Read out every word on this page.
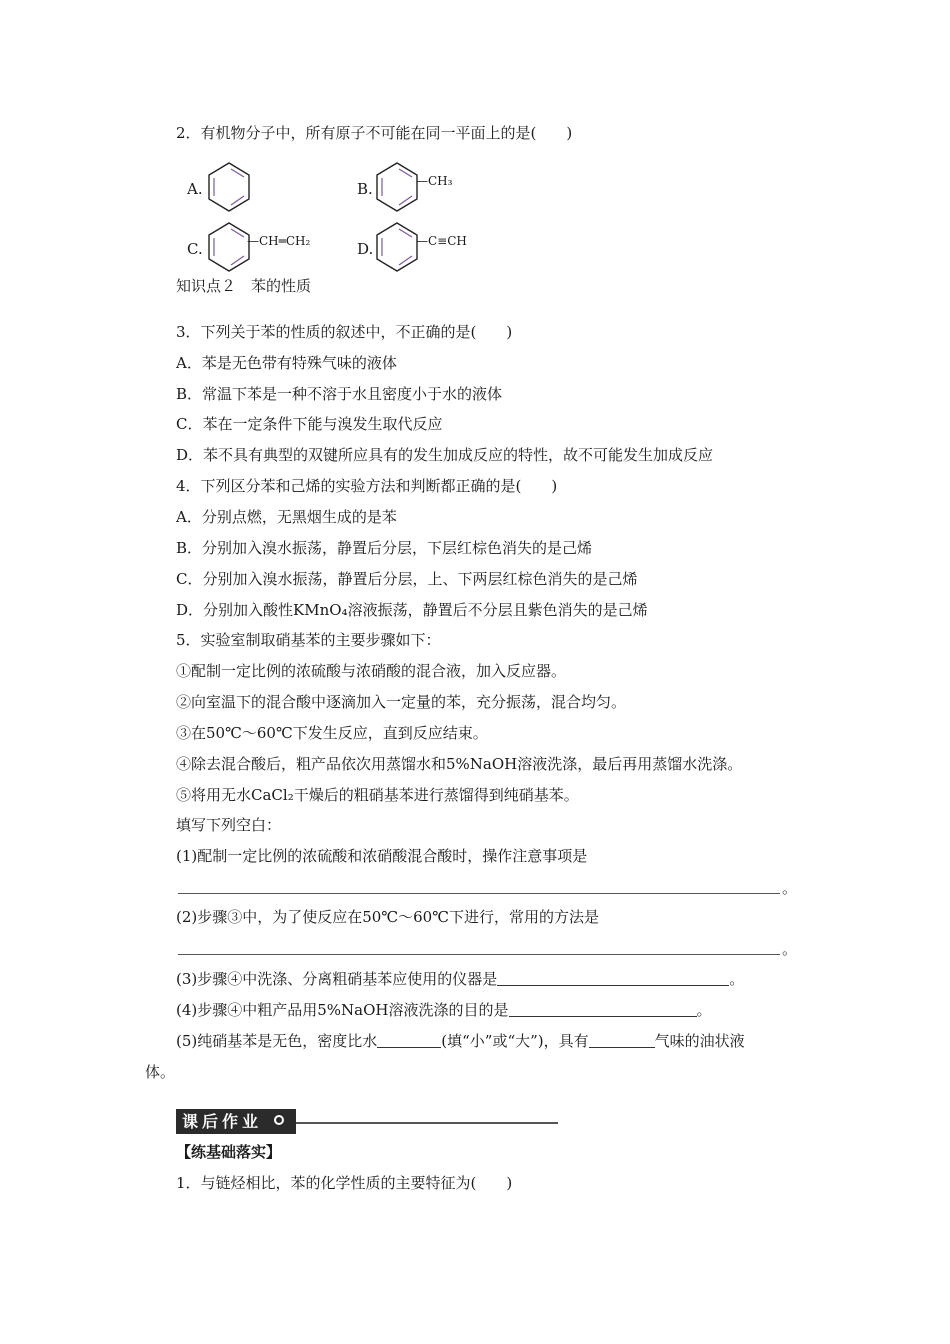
2．有机物分子中，所有原子不可能在同一平面上的是(　　)
A.	B.	—CH₃
C.	—CH═CH₂	D.	—C≡CH
知识点２　苯的性质
3．下列关于苯的性质的叙述中，不正确的是(　　)
A．苯是无色带有特殊气味的液体
B．常温下苯是一种不溶于水且密度小于水的液体
C．苯在一定条件下能与溴发生取代反应
D．苯不具有典型的双键所应具有的发生加成反应的特性，故不可能发生加成反应
4．下列区分苯和己烯的实验方法和判断都正确的是(　　)
A．分别点燃，无黑烟生成的是苯
B．分别加入溴水振荡，静置后分层，下层红棕色消失的是己烯
C．分别加入溴水振荡，静置后分层，上、下两层红棕色消失的是己烯
D．分别加入酸性KMnO₄溶液振荡，静置后不分层且紫色消失的是己烯
5．实验室制取硝基苯的主要步骤如下：
①配制一定比例的浓硫酸与浓硝酸的混合液，加入反应器。
②向室温下的混合酸中逐滴加入一定量的苯，充分振荡，混合均匀。
③在50℃～60℃下发生反应，直到反应结束。
④除去混合酸后，粗产品依次用蒸馏水和5%NaOH溶液洗涤，最后再用蒸馏水洗涤。
⑤将用无水CaCl₂干燥后的粗硝基苯进行蒸馏得到纯硝基苯。
填写下列空白：
(1)配制一定比例的浓硫酸和浓硝酸混合酸时，操作注意事项是
。
(2)步骤③中，为了使反应在50℃～60℃下进行，常用的方法是
。
(3)步骤④中洗涤、分离粗硝基苯应使用的仪器是	。
(4)步骤④中粗产品用5%NaOH溶液洗涤的目的是	。
(5)纯硝基苯是无色，密度比水	(填“小”或“大”)，具有	气味的油状液
体。
课后作业
【练基础落实】
1．与链烃相比，苯的化学性质的主要特征为(　　)
